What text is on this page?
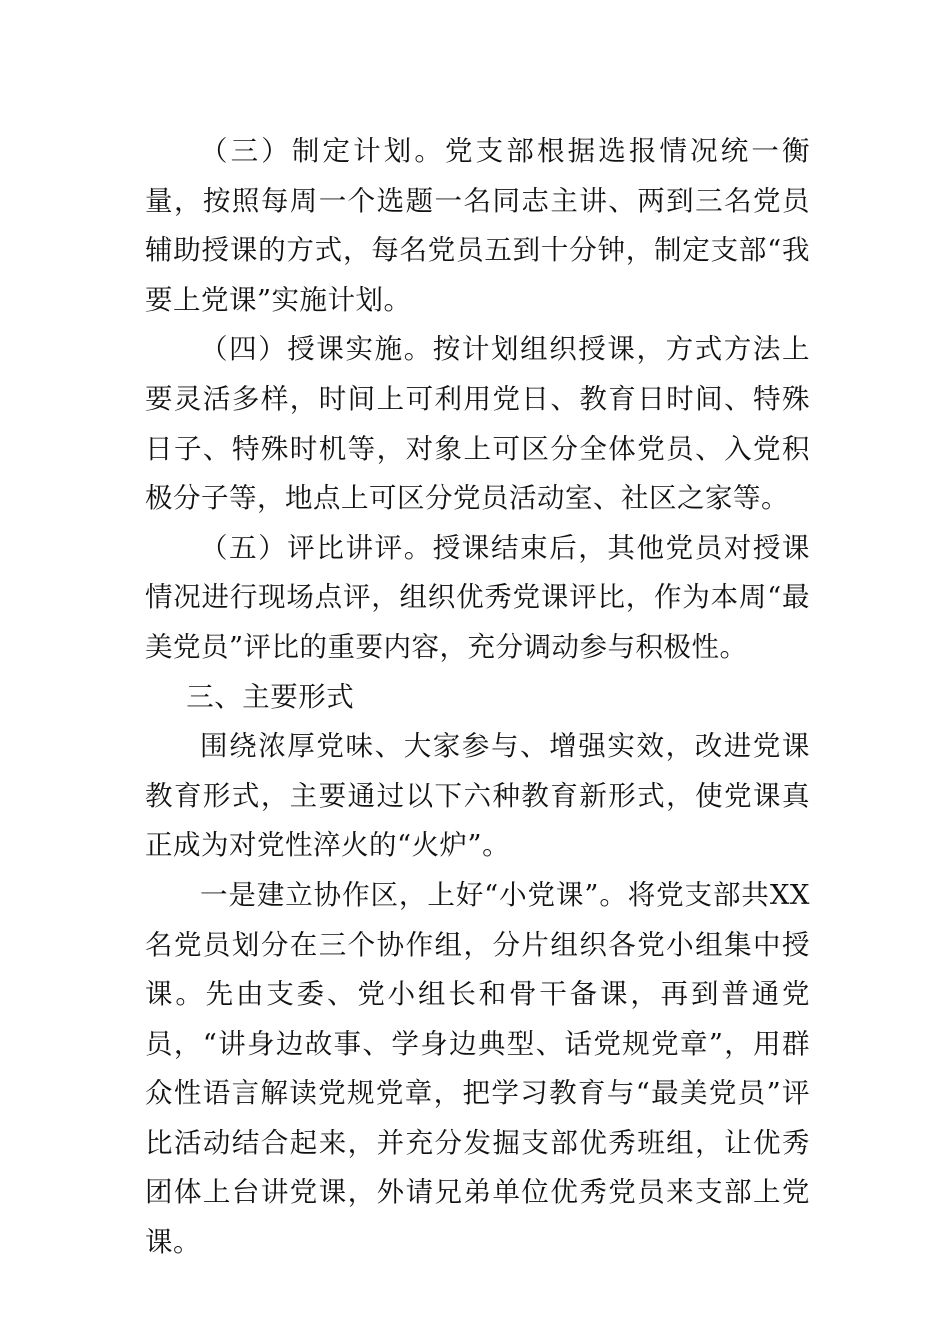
（三）制定计划。党支部根据选报情况统一衡量，按照每周一个选题一名同志主讲、两到三名党员辅助授课的方式，每名党员五到十分钟，制定支部“我要上党课”实施计划。

（四）授课实施。按计划组织授课，方式方法上要灵活多样，时间上可利用党日、教育日时间、特殊日子、特殊时机等，对象上可区分全体党员、入党积极分子等，地点上可区分党员活动室、社区之家等。

（五）评比讲评。授课结束后，其他党员对授课情况进行现场点评，组织优秀党课评比，作为本周“最美党员”评比的重要内容，充分调动参与积极性。

三、主要形式

围绕浓厚党味、大家参与、增强实效，改进党课教育形式，主要通过以下六种教育新形式，使党课真正成为对党性淬火的“火炉”。

一是建立协作区，上好“小党课”。将党支部共XX名党员划分在三个协作组，分片组织各党小组集中授课。先由支委、党小组长和骨干备课，再到普通党员，“讲身边故事、学身边典型、话党规党章”，用群众性语言解读党规党章，把学习教育与“最美党员”评比活动结合起来，并充分发掘支部优秀班组，让优秀团体上台讲党课，外请兄弟单位优秀党员来支部上党课。
